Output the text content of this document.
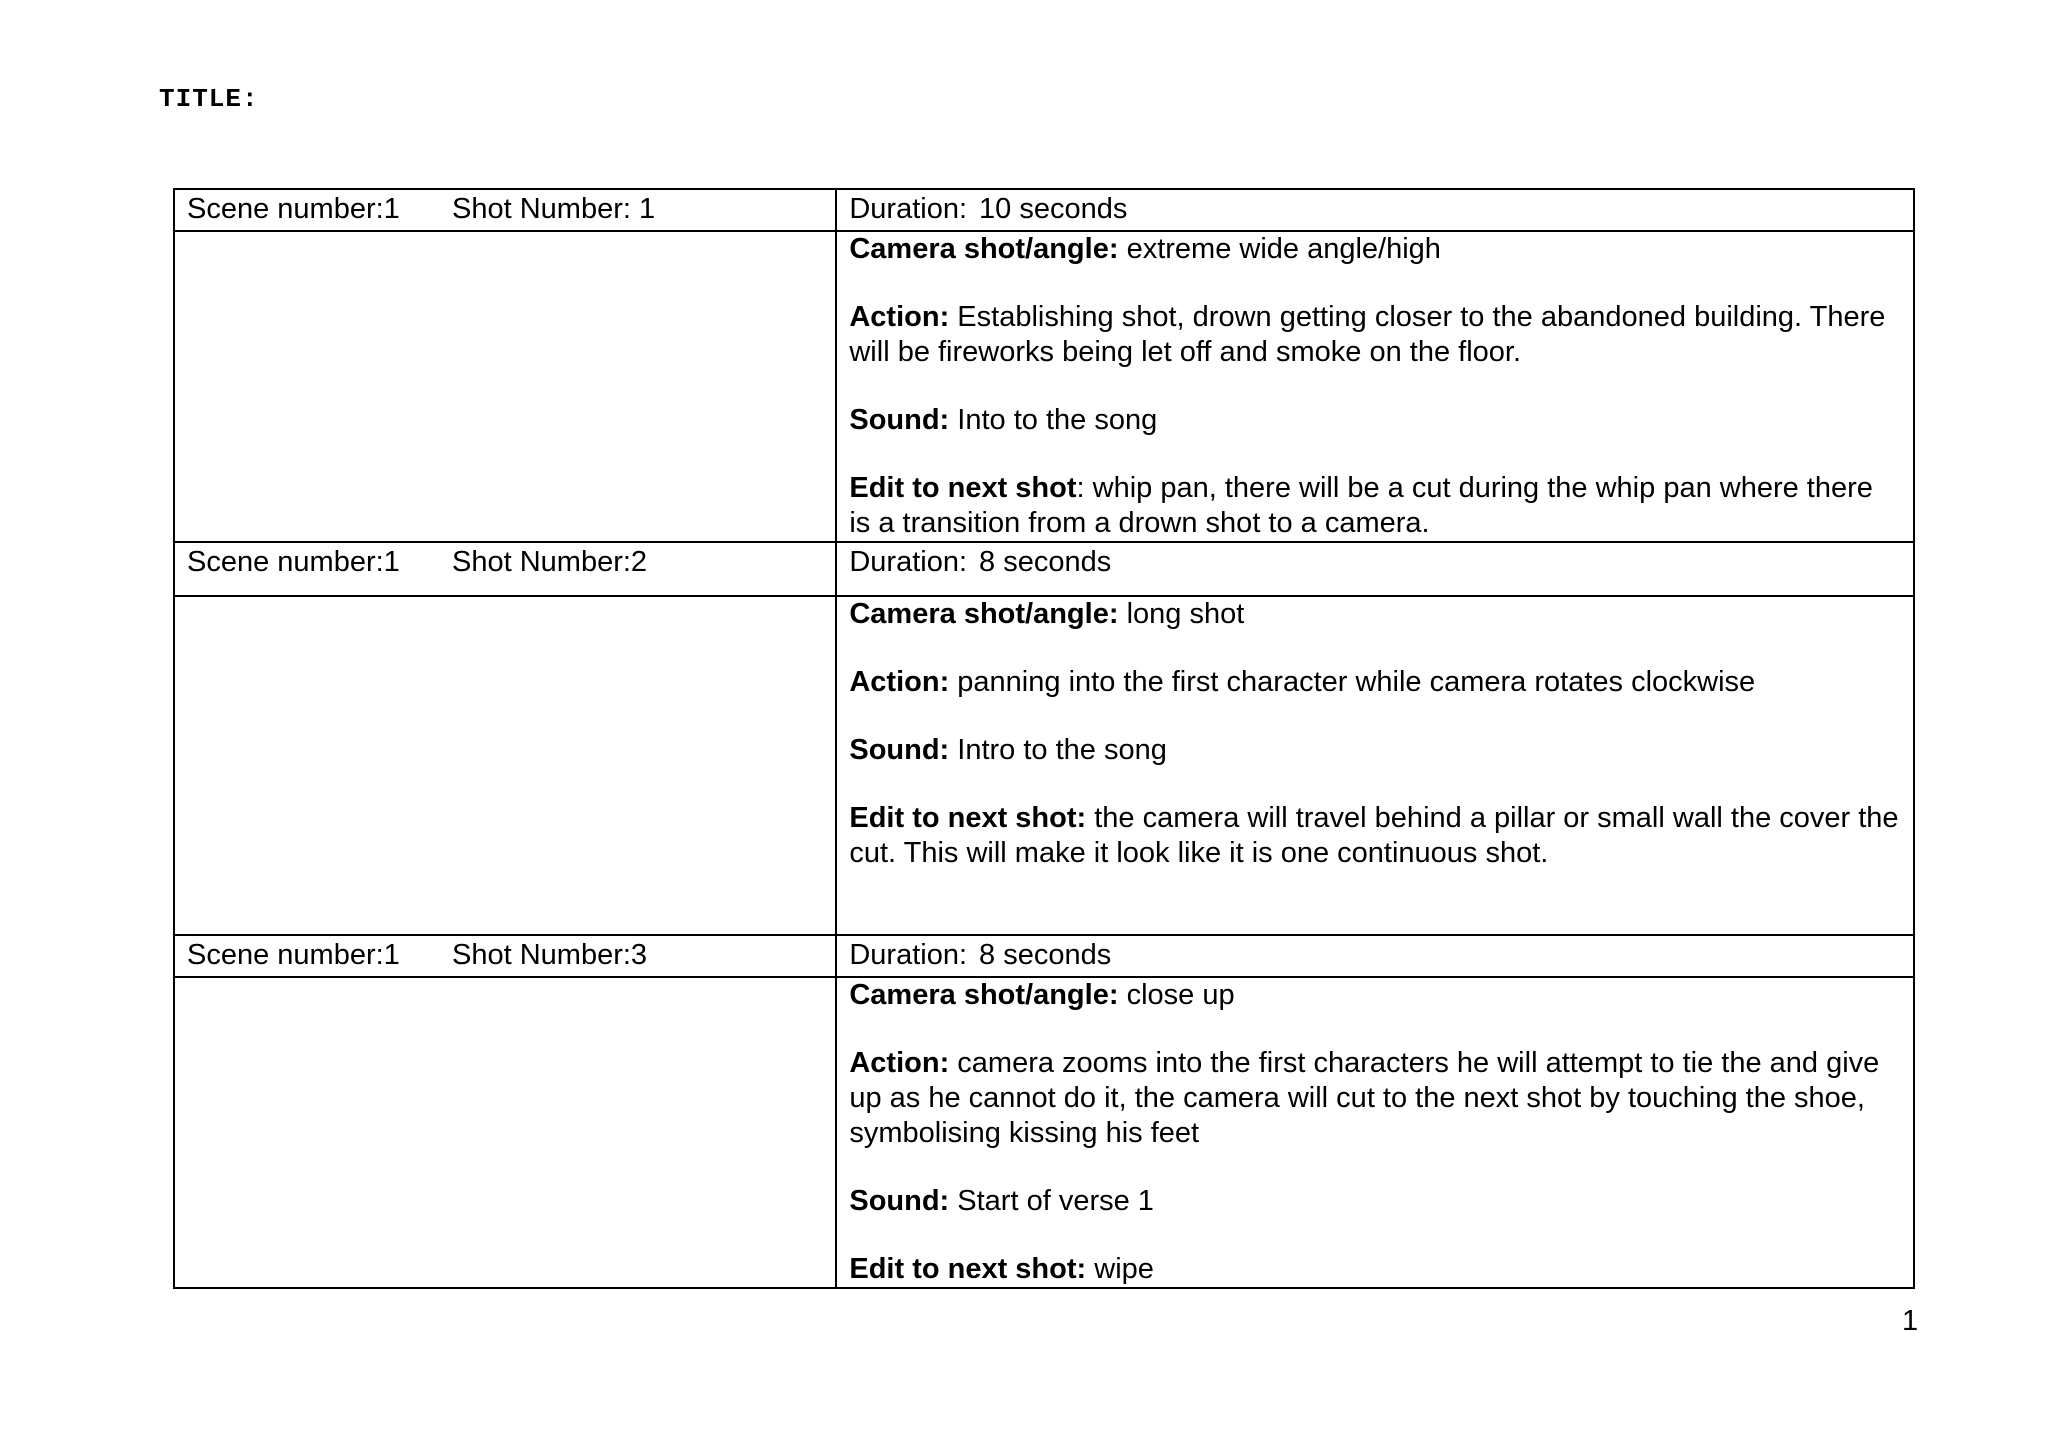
TITLE:
Scene number:1 Shot Number: 1	Duration: 10 seconds

	Camera shot/angle: extreme wide angle/high
Action: Establishing shot, drown getting closer to the abandoned building. There will be fireworks being let off and smoke on the floor.
Sound: Into to the song
Edit to next shot: whip pan, there will be a cut during the whip pan where there is a transition from a drown shot to a camera.

Scene number:1 Shot Number:2	Duration: 8 seconds

	Camera shot/angle: long shot
Action: panning into the first character while camera rotates clockwise
Sound: Intro to the song
Edit to next shot: the camera will travel behind a pillar or small wall the cover the cut. This will make it look like it is one continuous shot.

Scene number:1 Shot Number:3	Duration: 8 seconds

	Camera shot/angle: close up
Action: camera zooms into the first characters he will attempt to tie the and give up as he cannot do it, the camera will cut to the next shot by touching the shoe, symbolising kissing his feet
Sound: Start of verse 1
Edit to next shot: wipe
1
